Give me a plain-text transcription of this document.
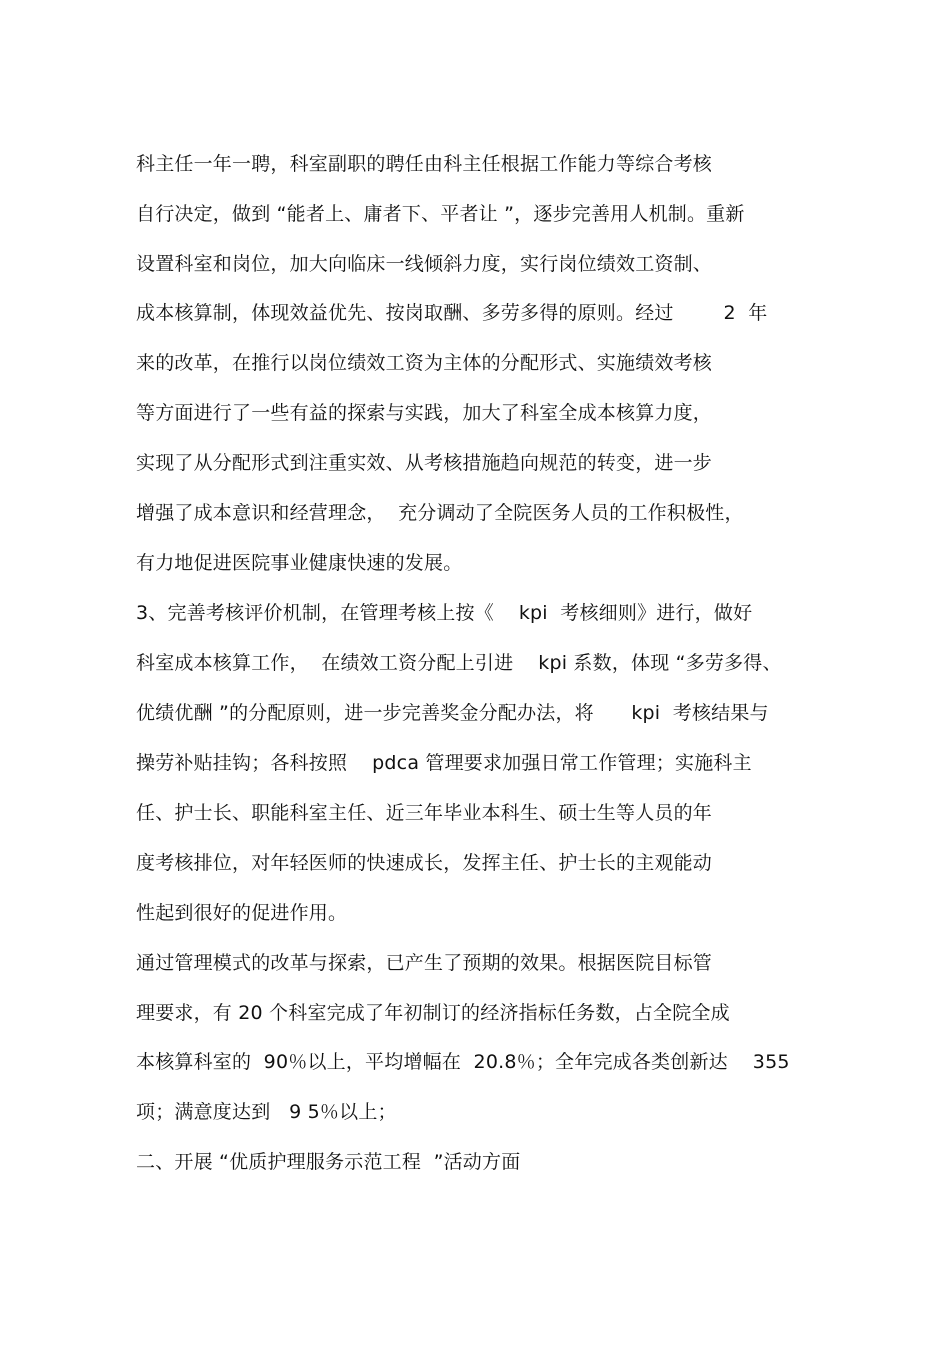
科主任一年一聘，科室副职的聘任由科主任根据工作能力等综合考核
自行决定，做到 “能者上、庸者下、平者让 ”，逐步完善用人机制。重新
设置科室和岗位，加大向临床一线倾斜力度，实行岗位绩效工资制、
成本核算制，体现效益优先、按岗取酬、多劳多得的原则。经过        2  年
来的改革，在推行以岗位绩效工资为主体的分配形式、实施绩效考核
等方面进行了一些有益的探索与实践，加大了科室全成本核算力度，
实现了从分配形式到注重实效、从考核措施趋向规范的转变，进一步
增强了成本意识和经营理念，  充分调动了全院医务人员的工作积极性，
有力地促进医院事业健康快速的发展。
3、完善考核评价机制，在管理考核上按《    kpi  考核细则》进行，做好
科室成本核算工作，  在绩效工资分配上引进    kpi 系数，体现 “多劳多得、
优绩优酬 ”的分配原则，进一步完善奖金分配办法，将      kpi  考核结果与
操劳补贴挂钩；各科按照    pdca 管理要求加强日常工作管理；实施科主
任、护士长、职能科室主任、近三年毕业本科生、硕士生等人员的年
度考核排位，对年轻医师的快速成长，发挥主任、护士长的主观能动
性起到很好的促进作用。
通过管理模式的改革与探索，已产生了预期的效果。根据医院目标管
理要求，有 20 个科室完成了年初制订的经济指标任务数，占全院全成
本核算科室的  90％以上，平均增幅在  20.8％；全年完成各类创新达    355
项；满意度达到   9 5％以上；
二、开展 “优质护理服务示范工程  ”活动方面
